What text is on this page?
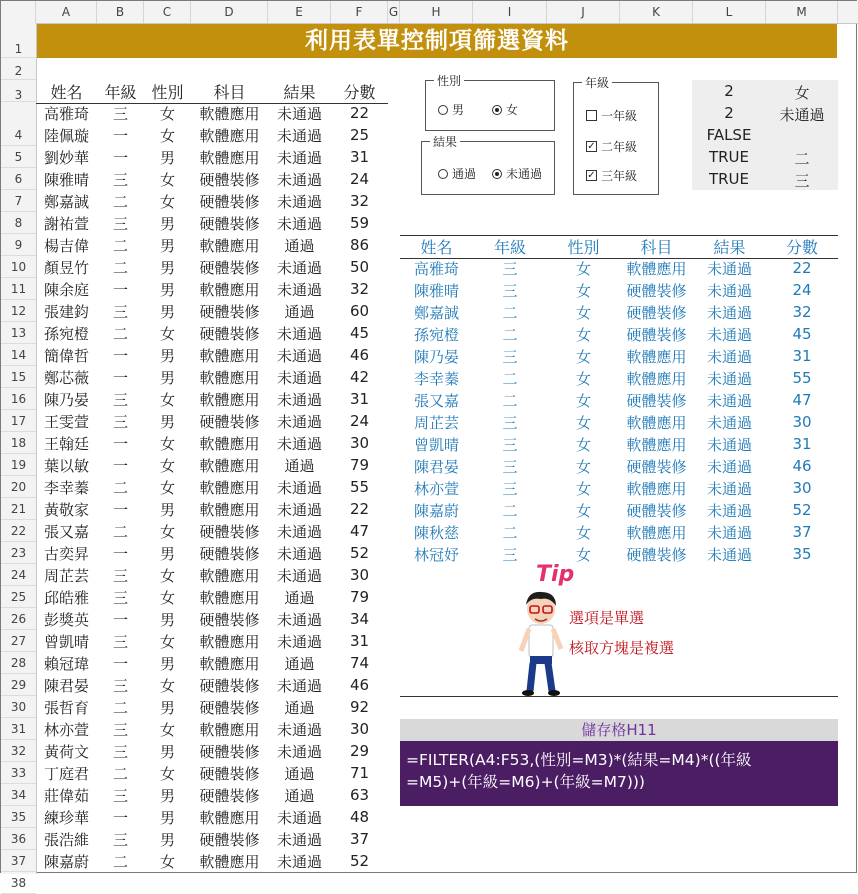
A	B	C	D	E	F	G	H	I	J	K	L	M
1
2
3
4
5
6
7
8
9
10
11
12
13
14
15
16
17
18
19
20
21
22
23
24
25
26
27
28
29
30
31
32
33
34
35
36
37
38
利用表單控制項篩選資料
姓名	年級	性別	科目	結果	分數
高雅琦	三	女	軟體應用	未通過	22
陸佩璇	一	女	軟體應用	未通過	25
劉妙華	一	男	軟體應用	未通過	31
陳雅晴	三	女	硬體裝修	未通過	24
鄭嘉誠	二	女	硬體裝修	未通過	32
謝祐萱	三	男	硬體裝修	未通過	59
楊吉偉	二	男	軟體應用	通過	86
顏昱竹	二	男	硬體裝修	未通過	50
陳余庭	一	男	軟體應用	未通過	32
張建鈞	三	男	硬體裝修	通過	60
孫宛橙	二	女	硬體裝修	未通過	45
簡偉哲	一	男	軟體應用	未通過	46
鄭芯薇	一	男	軟體應用	未通過	42
陳乃晏	三	女	軟體應用	未通過	31
王雯萱	三	男	硬體裝修	未通過	24
王翰廷	一	女	軟體應用	未通過	30
葉以敏	一	女	軟體應用	通過	79
李幸蓁	二	女	軟體應用	未通過	55
黃敬家	一	男	軟體應用	未通過	22
張又嘉	二	女	硬體裝修	未通過	47
古奕昇	一	男	硬體裝修	未通過	52
周芷芸	三	女	軟體應用	未通過	30
邱皓雅	三	女	軟體應用	通過	79
彭獎英	一	男	硬體裝修	未通過	34
曾凱晴	三	女	軟體應用	未通過	31
賴冠瑋	一	男	軟體應用	通過	74
陳君晏	三	女	硬體裝修	未通過	46
張哲育	二	男	硬體裝修	通過	92
林亦萱	三	女	軟體應用	未通過	30
黃荷文	三	男	硬體裝修	未通過	29
丁庭君	二	女	硬體裝修	通過	71
莊偉茹	三	男	硬體裝修	通過	63
練珍華	一	男	軟體應用	未通過	48
張浩維	三	男	硬體裝修	未通過	37
陳嘉蔚	二	女	軟體應用	未通過	52
性別
男	女
結果
通過 未通過
年級
一年級
✓ 二年級
✓ 三年級
2	女
2	未通過
FALSE
TRUE	二
TRUE	三
姓名	年級	性別	科目	結果	分數
高雅琦	三	女	軟體應用	未通過	22
陳雅晴	三	女	硬體裝修	未通過	24
鄭嘉誠	二	女	硬體裝修	未通過	32
孫宛橙	二	女	硬體裝修	未通過	45
陳乃晏	三	女	軟體應用	未通過	31
李幸蓁	二	女	軟體應用	未通過	55
張又嘉	二	女	硬體裝修	未通過	47
周芷芸	三	女	軟體應用	未通過	30
曾凱晴	三	女	軟體應用	未通過	31
陳君晏	三	女	硬體裝修	未通過	46
林亦萱	三	女	軟體應用	未通過	30
陳嘉蔚	二	女	硬體裝修	未通過	52
陳秋慈	二	女	軟體應用	未通過	37
林冠妤	三	女	硬體裝修	未通過	35
Tip
選項是單選
核取方塊是複選
儲存格H11
=FILTER(A4:F53,(性別=M3)*(結果=M4)*((年級
=M5)+(年級=M6)+(年級=M7)))
